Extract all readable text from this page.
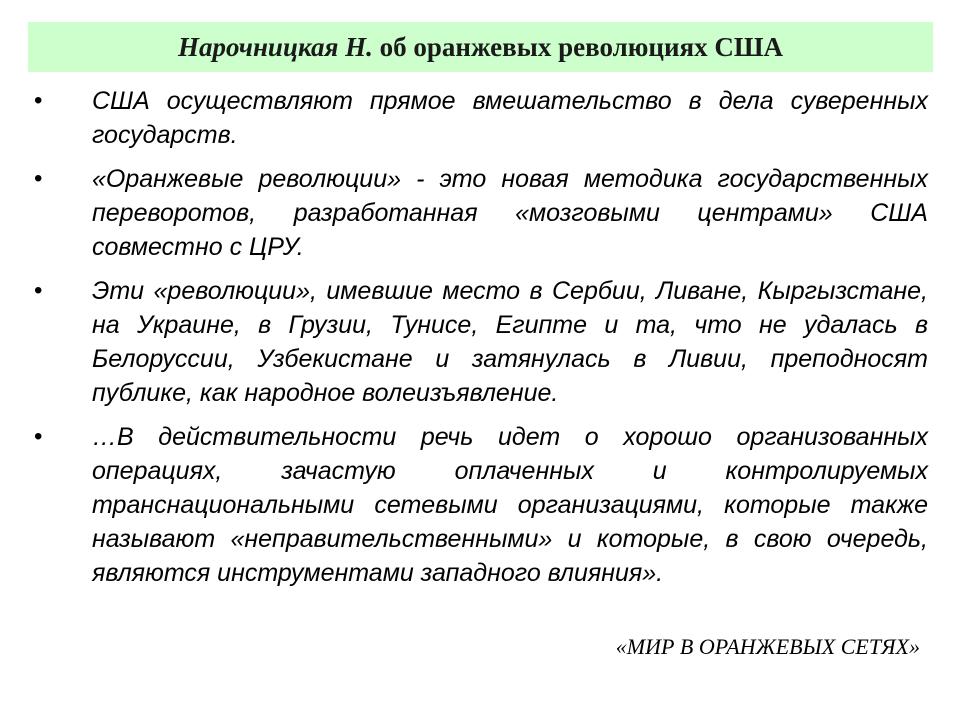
Нарочницкая Н. об оранжевых революциях США
• США осуществляют прямое вмешательство в дела суверенных государств.
• «Оранжевые революции» - это новая методика государственных переворотов, разработанная «мозговыми центрами» США совместно с ЦРУ.
• Эти «революции», имевшие место в Сербии, Ливане, Кыргызстане, на Украине, в Грузии, Тунисе, Египте и та, что не удалась в Белоруссии, Узбекистане и затянулась в Ливии, преподносят публике, как народное волеизъявление.
• …В действительности речь идет о хорошо организованных операциях, зачастую оплаченных и контролируемых транснациональными сетевыми организациями, которые также называют «неправительственными» и которые, в свою очередь, являются инструментами западного влияния».
«МИР В ОРАНЖЕВЫХ СЕТЯХ»
